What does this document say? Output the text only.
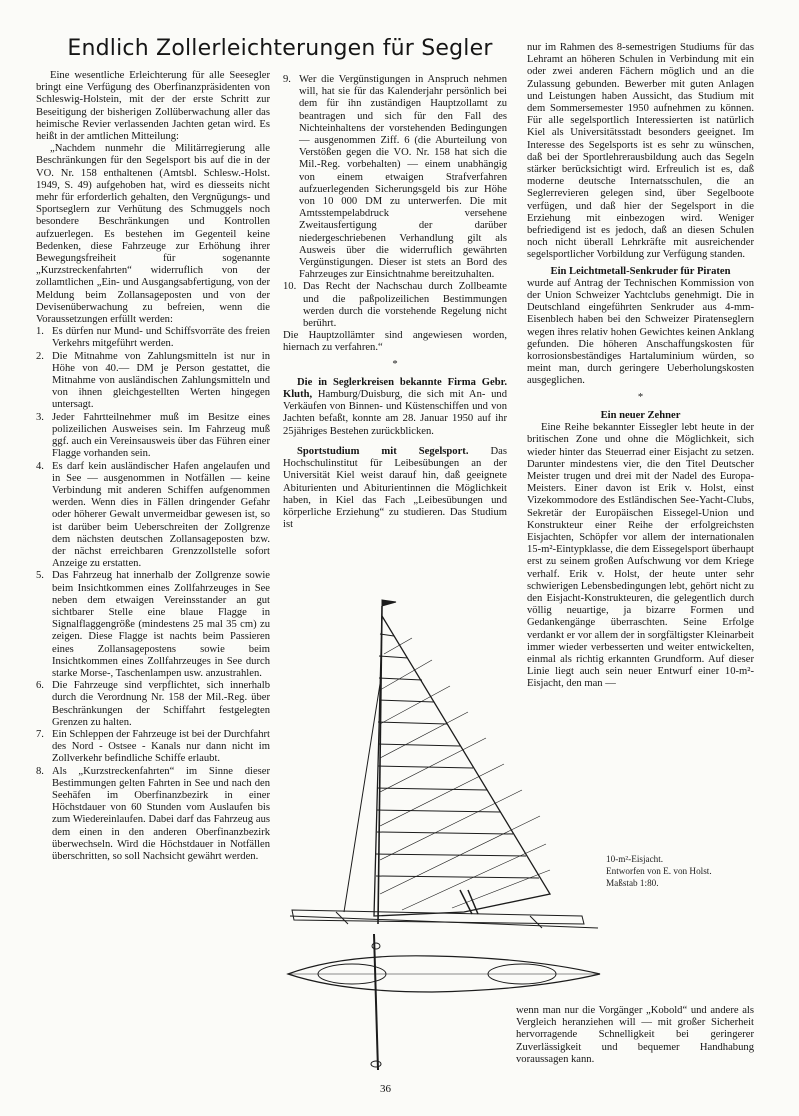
Endlich Zollerleichterungen für Segler

Eine wesentliche Erleichterung für alle Seesegler bringt eine Verfügung des Oberfinanzpräsidenten von Schleswig-Holstein, mit der der erste Schritt zur Beseitigung der bisherigen Zollüberwachung aller das heimische Revier verlassenden Jachten getan wird. Es heißt in der amtlichen Mitteilung:

„Nachdem nunmehr die Militärregierung alle Beschränkungen für den Segelsport bis auf die in der VO. Nr. 158 enthaltenen (Amtsbl. Schlesw.-Holst. 1949, S. 49) aufgehoben hat, wird es diesseits nicht mehr für erforderlich gehalten, den Vergnügungs- und Sportseglern zur Verhütung des Schmuggels noch besondere Beschränkungen und Kontrollen aufzuerlegen. Es bestehen im Gegenteil keine Bedenken, diese Fahrzeuge zur Erhöhung ihrer Bewegungsfreiheit für sogenannte „Kurzstreckenfahrten“ widerruflich von der zollamtlichen „Ein- und Ausgangsabfertigung, von der Meldung beim Zollansageposten und von der Devisenüberwachung zu befreien, wenn die Voraussetzungen erfüllt werden:

1. Es dürfen nur Mund- und Schiffsvorräte des freien Verkehrs mitgeführt werden.
2. Die Mitnahme von Zahlungsmitteln ist nur in Höhe von 40.— DM je Person gestattet, die Mitnahme von ausländischen Zahlungsmitteln und von ihnen gleichgestellten Werten hingegen untersagt.
3. Jeder Fahrtteilnehmer muß im Besitze eines polizeilichen Ausweises sein. Im Fahrzeug muß ggf. auch ein Vereinsausweis über das Führen einer Flagge vorhanden sein.
4. Es darf kein ausländischer Hafen angelaufen und in See — ausgenommen in Notfällen — keine Verbindung mit anderen Schiffen aufgenommen werden. Wenn dies in Fällen dringender Gefahr oder höherer Gewalt unvermeidbar gewesen ist, so ist darüber beim Ueberschreiten der Zollgrenze dem nächsten deutschen Zollansageposten bzw. der nächst erreichbaren Grenzzollstelle sofort Anzeige zu erstatten.
5. Das Fahrzeug hat innerhalb der Zollgrenze sowie beim Insichtkommen eines Zollfahrzeuges in See neben dem etwaigen Vereinsstander an gut sichtbarer Stelle eine blaue Flagge in Signalflaggengröße (mindestens 25 mal 35 cm) zu zeigen. Diese Flagge ist nachts beim Passieren eines Zollansagepostens sowie beim Insichtkommen eines Zollfahrzeuges in See durch starke Morse-, Taschenlampen usw. anzustrahlen.
6. Die Fahrzeuge sind verpflichtet, sich innerhalb durch die Verordnung Nr. 158 der Mil.-Reg. über Beschränkungen der Schiffahrt festgelegten Grenzen zu halten.
7. Ein Schleppen der Fahrzeuge ist bei der Durchfahrt des Nord - Ostsee - Kanals nur dann nicht im Zollverkehr befindliche Schiffe erlaubt.
8. Als „Kurzstreckenfahrten“ im Sinne dieser Bestimmungen gelten Fahrten in See und nach den Seehäfen im Oberfinanzbezirk in einer Höchstdauer von 60 Stunden vom Auslaufen bis zum Wiedereinlaufen. Dabei darf das Fahrzeug aus dem einen in den anderen Oberfinanzbezirk überwechseln. Wird die Höchstdauer in Notfällen überschritten, so soll Nachsicht gewährt werden.
9. Wer die Vergünstigungen in Anspruch nehmen will, hat sie für das Kalenderjahr persönlich bei dem für ihn zuständigen Hauptzollamt zu beantragen und sich für den Fall des Nichteinhaltens der vorstehenden Bedingungen — ausgenommen Ziff. 6 (die Aburteilung von Verstößen gegen die VO. Nr. 158 hat sich die Mil.-Reg. vorbehalten) — einem unabhängig von einem etwaigen Strafverfahren aufzuerlegenden Sicherungsgeld bis zur Höhe von 10 000 DM zu unterwerfen. Die mit Amtsstempelabdruck versehene Zweitausfertigung der darüber niedergeschriebenen Verhandlung gilt als Ausweis über die widerruflich gewährten Vergünstigungen. Dieser ist stets an Bord des Fahrzeuges zur Einsichtnahme bereitzuhalten.
10. Das Recht der Nachschau durch Zollbeamte und die paßpolizeilichen Bestimmungen werden durch die vorstehende Regelung nicht berührt.

Die Hauptzollämter sind angewiesen worden, hiernach zu verfahren.“

*

Die in Seglerkreisen bekannte Firma Gebr. Kluth, Hamburg/Duisburg, die sich mit An- und Verkäufen von Binnen- und Küstenschiffen und von Jachten befaßt, konnte am 28. Januar 1950 auf ihr 25jähriges Bestehen zurückblicken.

Sportstudium mit Segelsport. Das Hochschulinstitut für Leibesübungen an der Universität Kiel weist darauf hin, daß geeignete Abiturienten und Abiturientinnen die Möglichkeit haben, in Kiel das Fach „Leibesübungen und körperliche Erziehung“ zu studieren. Das Studium ist

nur im Rahmen des 8-semestrigen Studiums für das Lehramt an höheren Schulen in Verbindung mit ein oder zwei anderen Fächern möglich und an die Zulassung gebunden. Bewerber mit guten Anlagen und Leistungen haben Aussicht, das Studium mit dem Sommersemester 1950 aufnehmen zu können. Für alle segelsportlich Interessierten ist natürlich Kiel als Universitätsstadt besonders geeignet. Im Interesse des Segelsports ist es sehr zu wünschen, daß bei der Sportlehrerausbildung auch das Segeln stärker berücksichtigt wird. Erfreulich ist es, daß moderne deutsche Internatsschulen, die an Seglerrevieren gelegen sind, über Segelboote verfügen, und daß hier der Segelsport in die Erziehung mit einbezogen wird. Weniger befriedigend ist es jedoch, daß an diesen Schulen noch nicht überall Lehrkräfte mit ausreichender segelsportlicher Vorbildung zur Verfügung standen.

Ein Leichtmetall-Senkruder für Piraten

wurde auf Antrag der Technischen Kommission von der Union Schweizer Yachtclubs genehmigt. Die in Deutschland eingeführten Senkruder aus 4-mm-Eisenblech haben bei den Schweizer Piratenseglern wegen ihres relativ hohen Gewichtes keinen Anklang gefunden. Die höheren Anschaffungskosten für korrosionsbeständiges Hartaluminium würden, so meint man, durch geringere Ueberholungskosten ausgeglichen.

*

Ein neuer Zehner

Eine Reihe bekannter Eissegler lebt heute in der britischen Zone und ohne die Möglichkeit, sich wieder hinter das Steuerrad einer Eisjacht zu setzen. Darunter mindestens vier, die den Titel Deutscher Meister trugen und drei mit der Nadel des Europa-Meisters. Einer davon ist Erik v. Holst, einst Vizekommodore des Estländischen See-Yacht-Clubs, Sekretär der Europäischen Eissegel-Union und Konstrukteur einer Reihe der erfolgreichsten Eisjachten, Schöpfer vor allem der internationalen 15-m²-Eintypklasse, die dem Eissegelsport überhaupt erst zu seinem großen Aufschwung vor dem Kriege verhalf. Erik v. Holst, der heute unter sehr schwierigen Lebensbedingungen lebt, gehört nicht zu den Eisjacht-Konstrukteuren, die gelegentlich durch völlig neuartige, ja bizarre Formen und Gedankengänge überraschten. Seine Erfolge verdankt er vor allem der in sorgfältigster Kleinarbeit immer wieder verbesserten und weiter entwickelten, einmal als richtig erkannten Grundform. Auf dieser Linie liegt auch sein neuer Entwurf einer 10-m²-Eisjacht, den man —

wenn man nur die Vorgänger „Kobold“ und andere als Vergleich heranziehen will — mit großer Sicherheit hervorragende Schnelligkeit bei geringerer Zuverlässigkeit und bequemer Handhabung voraussagen kann.

10-m²-Eisjacht.
Entworfen von E. von Holst.
Maßstab 1:80.
36
